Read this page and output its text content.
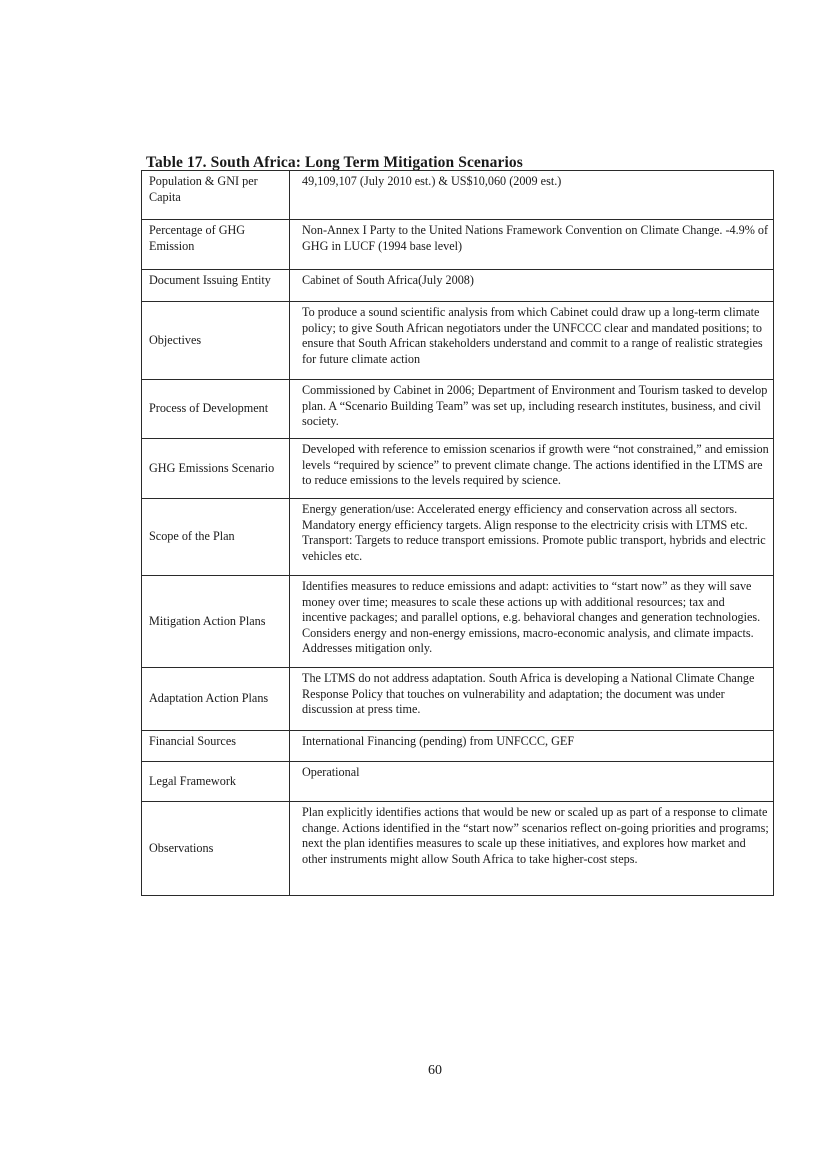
Table 17. South Africa: Long Term Mitigation Scenarios
Population & GNI per Capita	49,109,107 (July 2010 est.) & US$10,060 (2009 est.)
Percentage of GHG Emission	Non-Annex I Party to the United Nations Framework Convention on Climate Change. -4.9% of GHG in LUCF (1994 base level)
Document Issuing Entity	Cabinet of South Africa(July 2008)
Objectives	To produce a sound scientific analysis from which Cabinet could draw up a long-term climate policy; to give South African negotiators under the UNFCCC clear and mandated positions; to ensure that South African stakeholders understand and commit to a range of realistic strategies for future climate action
Process of Development	Commissioned by Cabinet in 2006; Department of Environment and Tourism tasked to develop plan. A “Scenario Building Team” was set up, including research institutes, business, and civil society.
GHG Emissions Scenario	Developed with reference to emission scenarios if growth were “not constrained,” and emission levels “required by science” to prevent climate change. The actions identified in the LTMS are to reduce emissions to the levels required by science.
Scope of the Plan	Energy generation/use: Accelerated energy efficiency and conservation across all sectors. Mandatory energy efficiency targets. Align response to the electricity crisis with LTMS etc. Transport: Targets to reduce transport emissions. Promote public transport, hybrids and electric vehicles etc.
Mitigation Action Plans	Identifies measures to reduce emissions and adapt: activities to “start now” as they will save money over time; measures to scale these actions up with additional resources; tax and incentive packages; and parallel options, e.g. behavioral changes and generation technologies. Considers energy and non-energy emissions, macro-economic analysis, and climate impacts. Addresses mitigation only.
Adaptation Action Plans	The LTMS do not address adaptation. South Africa is developing a National Climate Change Response Policy that touches on vulnerability and adaptation; the document was under discussion at press time.
Financial Sources	International Financing (pending) from UNFCCC, GEF
Legal Framework	Operational
Observations	Plan explicitly identifies actions that would be new or scaled up as part of a response to climate change. Actions identified in the “start now” scenarios reflect on-going priorities and programs; next the plan identifies measures to scale up these initiatives, and explores how market and other instruments might allow South Africa to take higher-cost steps.
60
